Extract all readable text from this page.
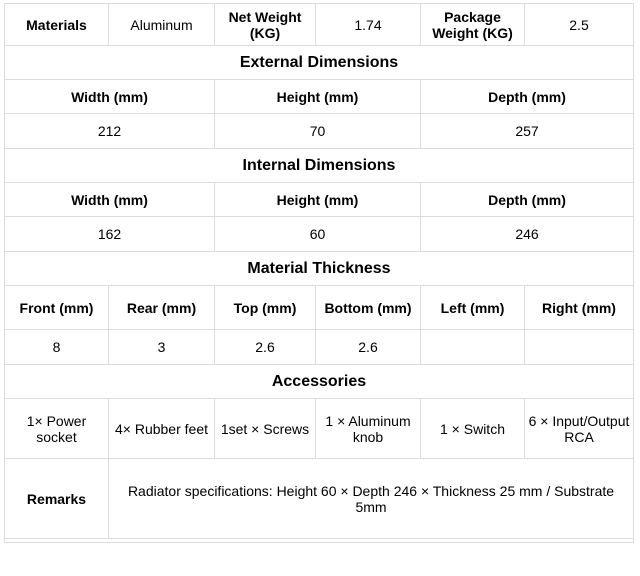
Materials	Aluminum	Net Weight (KG)	1.74	Package Weight (KG)	2.5
External Dimensions					
Width (mm)		Height (mm)		Depth (mm)	
212		70		257	
Internal Dimensions					
Width (mm)		Height (mm)		Depth (mm)	
162		60		246	
Material Thickness					
Front (mm)	Rear (mm)	Top (mm)	Bottom (mm)	Left (mm)	Right (mm)
8	3	2.6	2.6		
Accessories					
1× Power socket	4× Rubber feet	1set × Screws	1 × Aluminum knob	1 × Switch	6 × Input/Output RCA
Remarks	Radiator specifications: Height 60 × Depth 246 × Thickness 25 mm / Substrate 5mm				
